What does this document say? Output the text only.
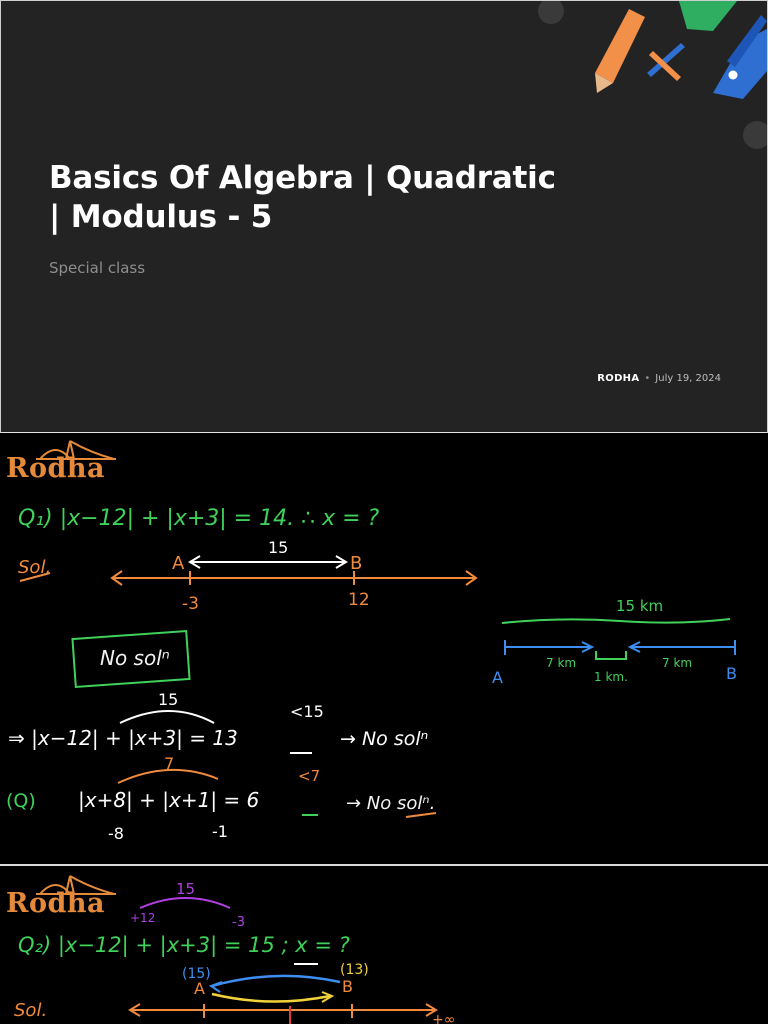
Basics Of Algebra | Quadratic | Modulus - 5
Special class
RODHA • July 19, 2024
Rodha
Q₁) |x−12| + |x+3| = 14. ∴ x = ?
Sol.	A	B
15
-3	12
No solⁿ
15 km
7 km
1 km.
7 km
A	B
15
<15
⇒ |x−12| + |x+3| = 13	→ No solⁿ
7
<7
(Q) |x+8| + |x+1| = 6	→ No solⁿ.
-8	-1
Rodha	15
+12	-3
Q₂) |x−12| + |x+3| = 15 ; x = ?
(15)	(13)
A	B
Sol.	+∞
